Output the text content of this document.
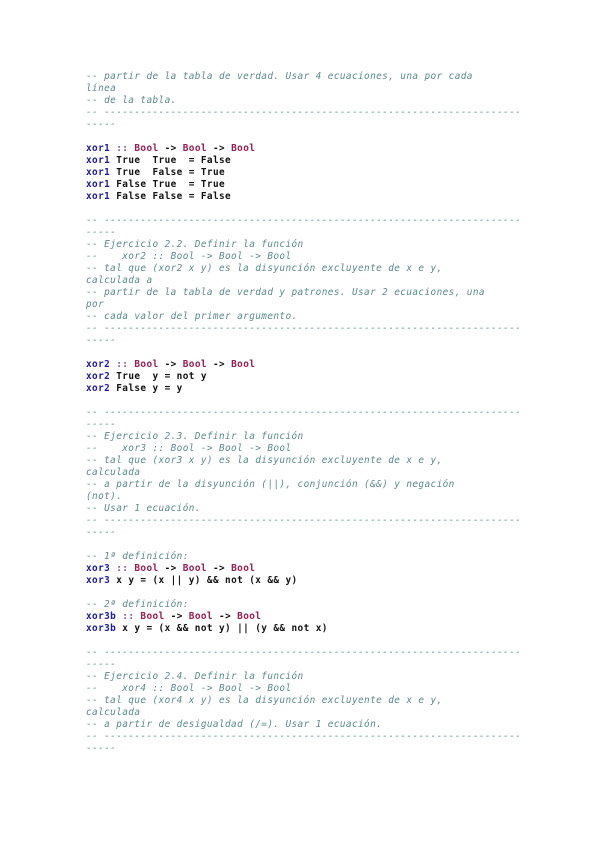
-- partir de la tabla de verdad. Usar 4 ecuaciones, una por cada
línea
-- de la tabla.
-- ---------------------------------------------------------------------
-----
xor1 :: Bool -> Bool -> Bool
xor1 True  True  = False
xor1 True  False = True
xor1 False True  = True
xor1 False False = False
-- ---------------------------------------------------------------------
-----
-- Ejercicio 2.2. Definir la función
--    xor2 :: Bool -> Bool -> Bool
-- tal que (xor2 x y) es la disyunción excluyente de x e y,
calculada a
-- partir de la tabla de verdad y patrones. Usar 2 ecuaciones, una
por
-- cada valor del primer argumento.
-- ---------------------------------------------------------------------
-----
xor2 :: Bool -> Bool -> Bool
xor2 True  y = not y
xor2 False y = y
-- ---------------------------------------------------------------------
-----
-- Ejercicio 2.3. Definir la función
--    xor3 :: Bool -> Bool -> Bool
-- tal que (xor3 x y) es la disyunción excluyente de x e y,
calculada
-- a partir de la disyunción (||), conjunción (&&) y negación
(not).
-- Usar 1 ecuación.
-- ---------------------------------------------------------------------
-----
-- 1ª definición:
xor3 :: Bool -> Bool -> Bool
xor3 x y = (x || y) && not (x && y)
-- 2ª definición:
xor3b :: Bool -> Bool -> Bool
xor3b x y = (x && not y) || (y && not x)
-- ---------------------------------------------------------------------
-----
-- Ejercicio 2.4. Definir la función
--    xor4 :: Bool -> Bool -> Bool
-- tal que (xor4 x y) es la disyunción excluyente de x e y,
calculada
-- a partir de desigualdad (/=). Usar 1 ecuación.
-- ---------------------------------------------------------------------
-----
